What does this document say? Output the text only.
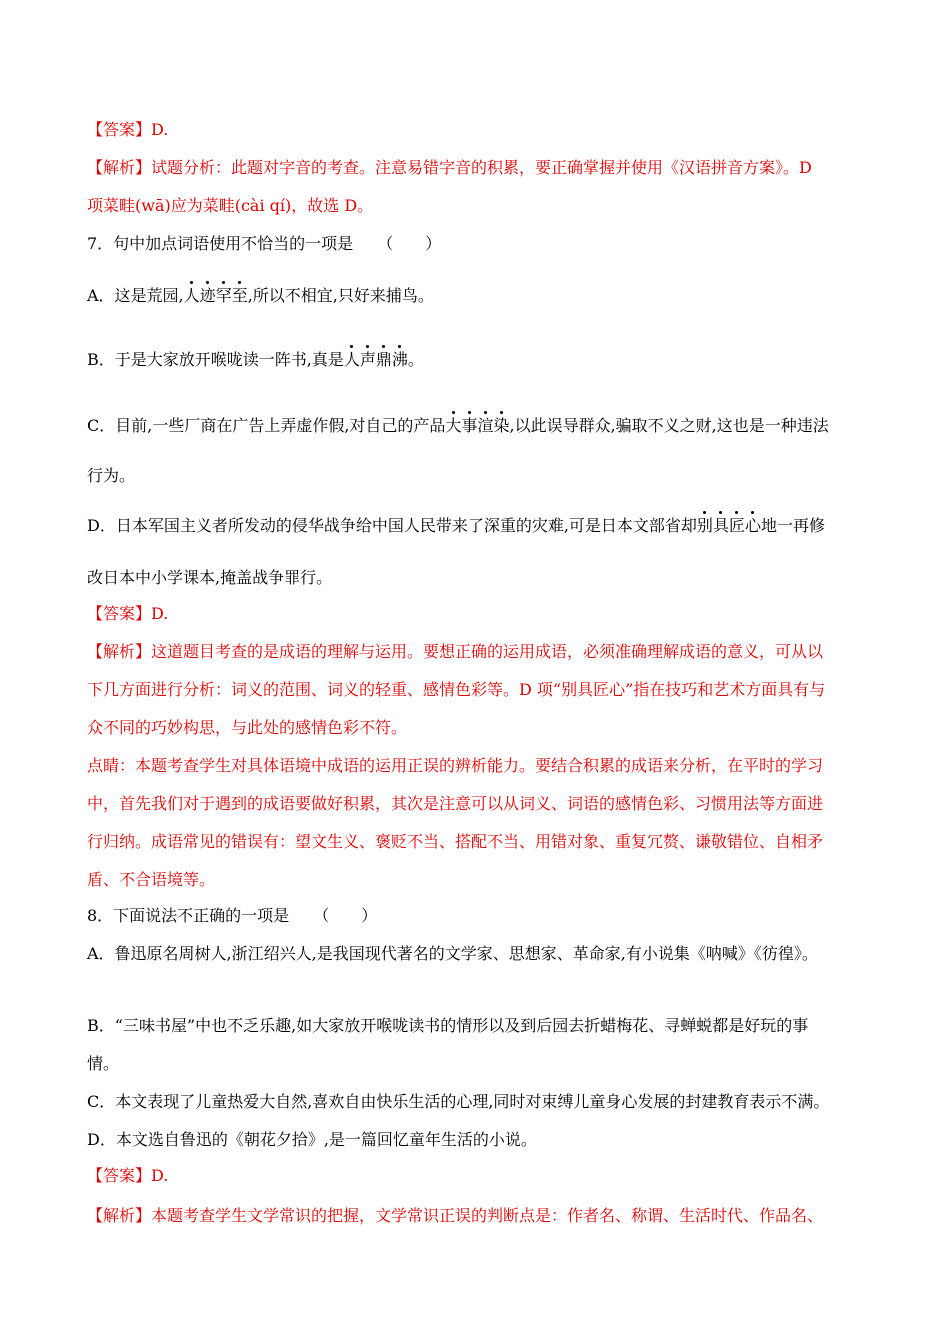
【答案】D.
【解析】试题分析：此题对字音的考查。注意易错字音的积累，要正确掌握并使用《汉语拼音方案》。D
项菜畦(wā)应为菜畦(cài qí)，故选 D。
7．句中加点词语使用不恰当的一项是 （　　）
A．这是荒园,人迹罕至,所以不相宜,只好来捕鸟。
B．于是大家放开喉咙读一阵书,真是人声鼎沸。
C．目前,一些厂商在广告上弄虚作假,对自己的产品大事渲染,以此误导群众,骗取不义之财,这也是一种违法
行为。
D．日本军国主义者所发动的侵华战争给中国人民带来了深重的灾难,可是日本文部省却别具匠心地一再修
改日本中小学课本,掩盖战争罪行。
【答案】D.
【解析】这道题目考查的是成语的理解与运用。要想正确的运用成语，必须准确理解成语的意义，可从以
下几方面进行分析：词义的范围、词义的轻重、感情色彩等。D 项“别具匠心”指在技巧和艺术方面具有与
众不同的巧妙构思，与此处的感情色彩不符。
点睛：本题考查学生对具体语境中成语的运用正误的辨析能力。要结合积累的成语来分析，在平时的学习
中，首先我们对于遇到的成语要做好积累，其次是注意可以从词义、词语的感情色彩、习惯用法等方面进
行归纳。成语常见的错误有：望文生义、褒贬不当、搭配不当、用错对象、重复冗赘、谦敬错位、自相矛
盾、不合语境等。
8．下面说法不正确的一项是 （　　）
A．鲁迅原名周树人,浙江绍兴人,是我国现代著名的文学家、思想家、革命家,有小说集《呐喊》《彷徨》。
B．“三味书屋”中也不乏乐趣,如大家放开喉咙读书的情形以及到后园去折蜡梅花、寻蝉蜕都是好玩的事
情。
C．本文表现了儿童热爱大自然,喜欢自由快乐生活的心理,同时对束缚儿童身心发展的封建教育表示不满。
D．本文选自鲁迅的《朝花夕拾》,是一篇回忆童年生活的小说。
【答案】D.
【解析】本题考查学生文学常识的把握，文学常识正误的判断点是：作者名、称谓、生活时代、作品名、
